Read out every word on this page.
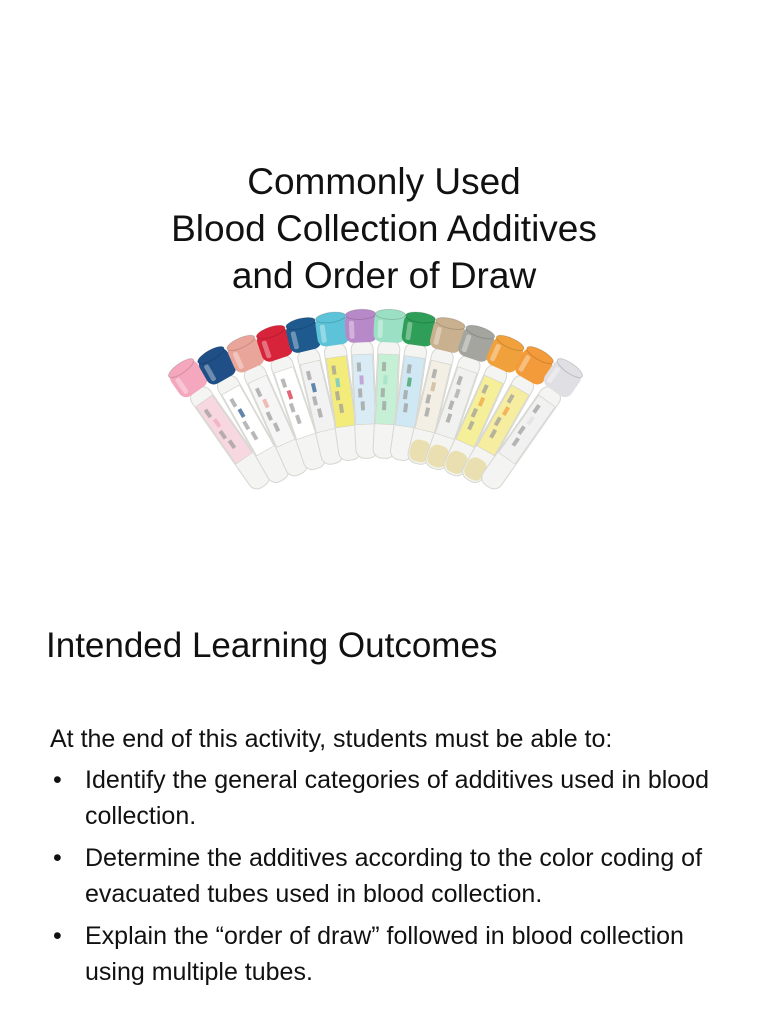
Commonly Used
Blood Collection Additives
and Order of Draw
Intended Learning Outcomes
At the end of this activity, students must be able to:
• Identify the general categories of additives used in blood collection.
• Determine the additives according to the color coding of evacuated tubes used in blood collection.
• Explain the “order of draw” followed in blood collection using multiple tubes.
